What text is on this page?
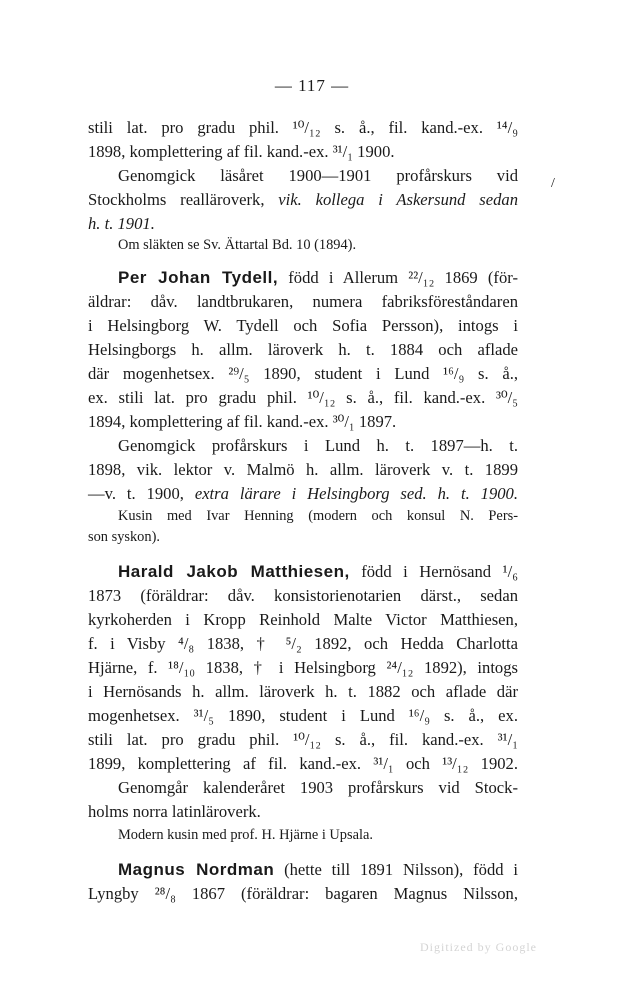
— 117 —
/
stili lat. pro gradu phil. ¹⁰/₁₂ s. å., fil. kand.-ex. ¹⁴/₉
1898, komplettering af fil. kand.-ex. ³¹/₁ 1900.
Genomgick läsåret 1900—1901 profårskurs vid
Stockholms realläroverk, vik. kollega i Askersund sedan
h. t. 1901.
Om släkten se Sv. Ättartal Bd. 10 (1894).
Per Johan Tydell, född i Allerum ²²/₁₂ 1869 (för-
äldrar: dåv. landtbrukaren, numera fabriksföreståndaren
i Helsingborg W. Tydell och Sofia Persson), intogs i
Helsingborgs h. allm. läroverk h. t. 1884 och aflade
där mogenhetsex. ²⁹/₅ 1890, student i Lund ¹⁶/₉ s. å.,
ex. stili lat. pro gradu phil. ¹⁰/₁₂ s. å., fil. kand.-ex. ³⁰/₅
1894, komplettering af fil. kand.-ex. ³⁰/₁ 1897.
Genomgick profårskurs i Lund h. t. 1897—h. t.
1898, vik. lektor v. Malmö h. allm. läroverk v. t. 1899
—v. t. 1900, extra lärare i Helsingborg sed. h. t. 1900.
Kusin med Ivar Henning (modern och konsul N. Pers-
son syskon).
Harald Jakob Matthiesen, född i Hernösand ¹/₆
1873 (föräldrar: dåv. konsistorienotarien därst., sedan
kyrkoherden i Kropp Reinhold Malte Victor Matthiesen,
f. i Visby ⁴/₈ 1838, † ⁵/₂ 1892, och Hedda Charlotta
Hjärne, f. ¹⁸/₁₀ 1838, † i Helsingborg ²⁴/₁₂ 1892), intogs
i Hernösands h. allm. läroverk h. t. 1882 och aflade där
mogenhetsex. ³¹/₅ 1890, student i Lund ¹⁶/₉ s. å., ex.
stili lat. pro gradu phil. ¹⁰/₁₂ s. å., fil. kand.-ex. ³¹/₁
1899, komplettering af fil. kand.-ex. ³¹/₁ och ¹³/₁₂ 1902.
Genomgår kalenderåret 1903 profårskurs vid Stock-
holms norra latinläroverk.
Modern kusin med prof. H. Hjärne i Upsala.
Magnus Nordman (hette till 1891 Nilsson), född i
Lyngby ²⁸/₈ 1867 (föräldrar: bagaren Magnus Nilsson,
Digitized by Google
